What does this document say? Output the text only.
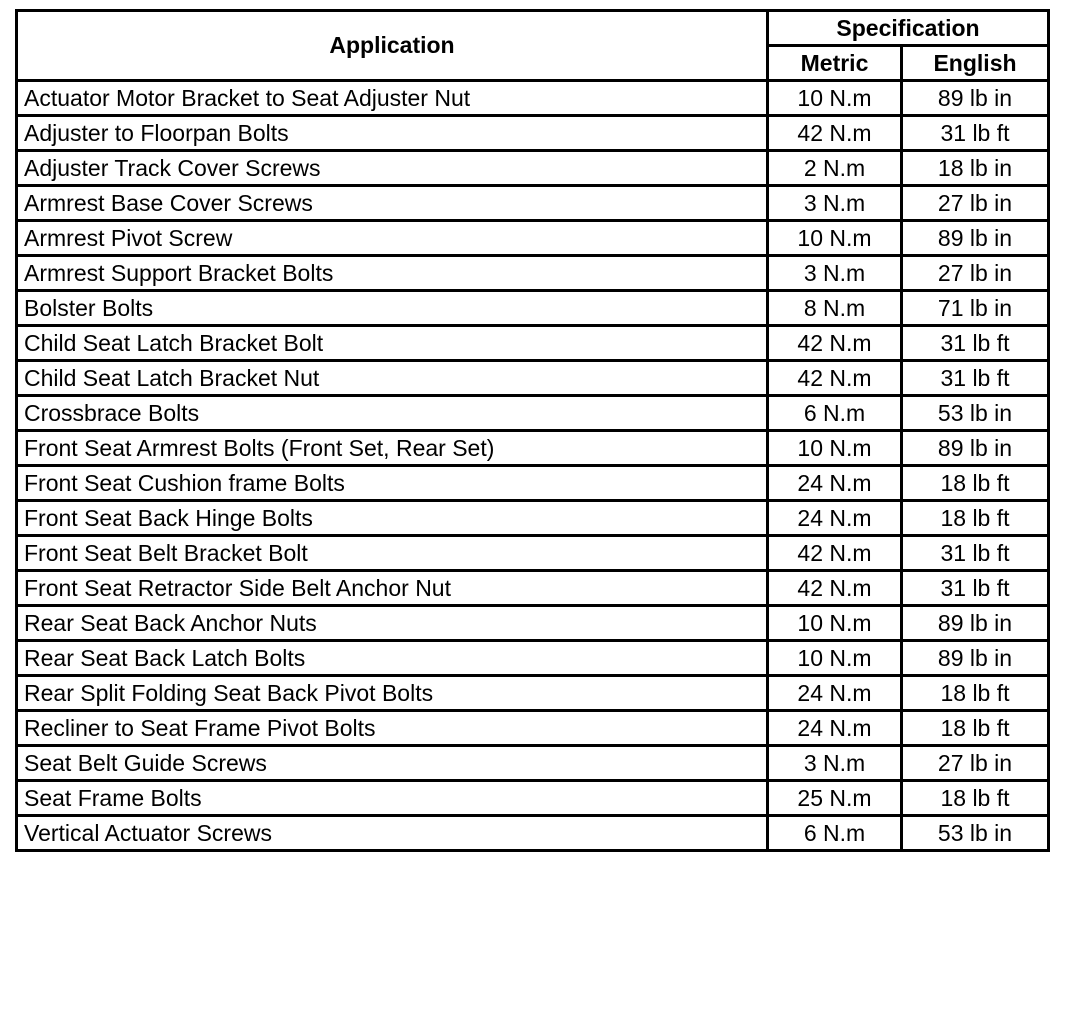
Application	Specification	
	Metric	English
Actuator Motor Bracket to Seat Adjuster Nut	10 N.m	89 lb in
Adjuster to Floorpan Bolts	42 N.m	31 lb ft
Adjuster Track Cover Screws	2 N.m	18 lb in
Armrest Base Cover Screws	3 N.m	27 lb in
Armrest Pivot Screw	10 N.m	89 lb in
Armrest Support Bracket Bolts	3 N.m	27 lb in
Bolster Bolts	8 N.m	71 lb in
Child Seat Latch Bracket Bolt	42 N.m	31 lb ft
Child Seat Latch Bracket Nut	42 N.m	31 lb ft
Crossbrace Bolts	6 N.m	53 lb in
Front Seat Armrest Bolts (Front Set, Rear Set)	10 N.m	89 lb in
Front Seat Cushion frame Bolts	24 N.m	18 lb ft
Front Seat Back Hinge Bolts	24 N.m	18 lb ft
Front Seat Belt Bracket Bolt	42 N.m	31 lb ft
Front Seat Retractor Side Belt Anchor Nut	42 N.m	31 lb ft
Rear Seat Back Anchor Nuts	10 N.m	89 lb in
Rear Seat Back Latch Bolts	10 N.m	89 lb in
Rear Split Folding Seat Back Pivot Bolts	24 N.m	18 lb ft
Recliner to Seat Frame Pivot Bolts	24 N.m	18 lb ft
Seat Belt Guide Screws	3 N.m	27 lb in
Seat Frame Bolts	25 N.m	18 lb ft
Vertical Actuator Screws	6 N.m	53 lb in
